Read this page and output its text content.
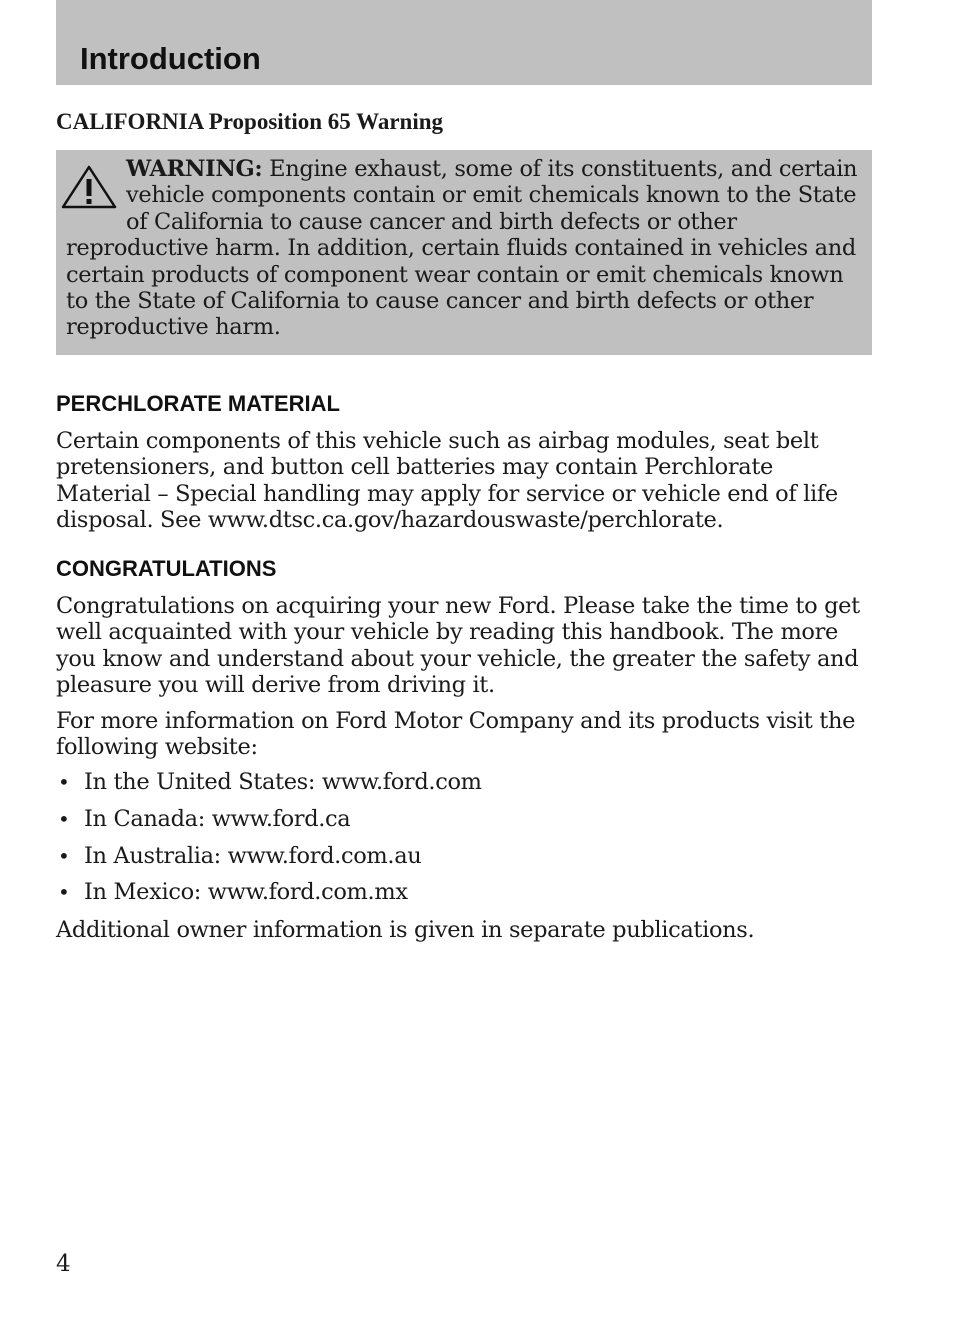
Introduction
CALIFORNIA Proposition 65 Warning

WARNING: Engine exhaust, some of its constituents, and certain vehicle components contain or emit chemicals known to the State of California to cause cancer and birth defects or other reproductive harm. In addition, certain fluids contained in vehicles and certain products of component wear contain or emit chemicals known to the State of California to cause cancer and birth defects or other reproductive harm.

PERCHLORATE MATERIAL

Certain components of this vehicle such as airbag modules, seat belt pretensioners, and button cell batteries may contain Perchlorate Material – Special handling may apply for service or vehicle end of life disposal. See www.dtsc.ca.gov/hazardouswaste/perchlorate.

CONGRATULATIONS

Congratulations on acquiring your new Ford. Please take the time to get well acquainted with your vehicle by reading this handbook. The more you know and understand about your vehicle, the greater the safety and pleasure you will derive from driving it.

For more information on Ford Motor Company and its products visit the following website:

• In the United States: www.ford.com
• In Canada: www.ford.ca
• In Australia: www.ford.com.au
• In Mexico: www.ford.com.mx

Additional owner information is given in separate publications.

4
